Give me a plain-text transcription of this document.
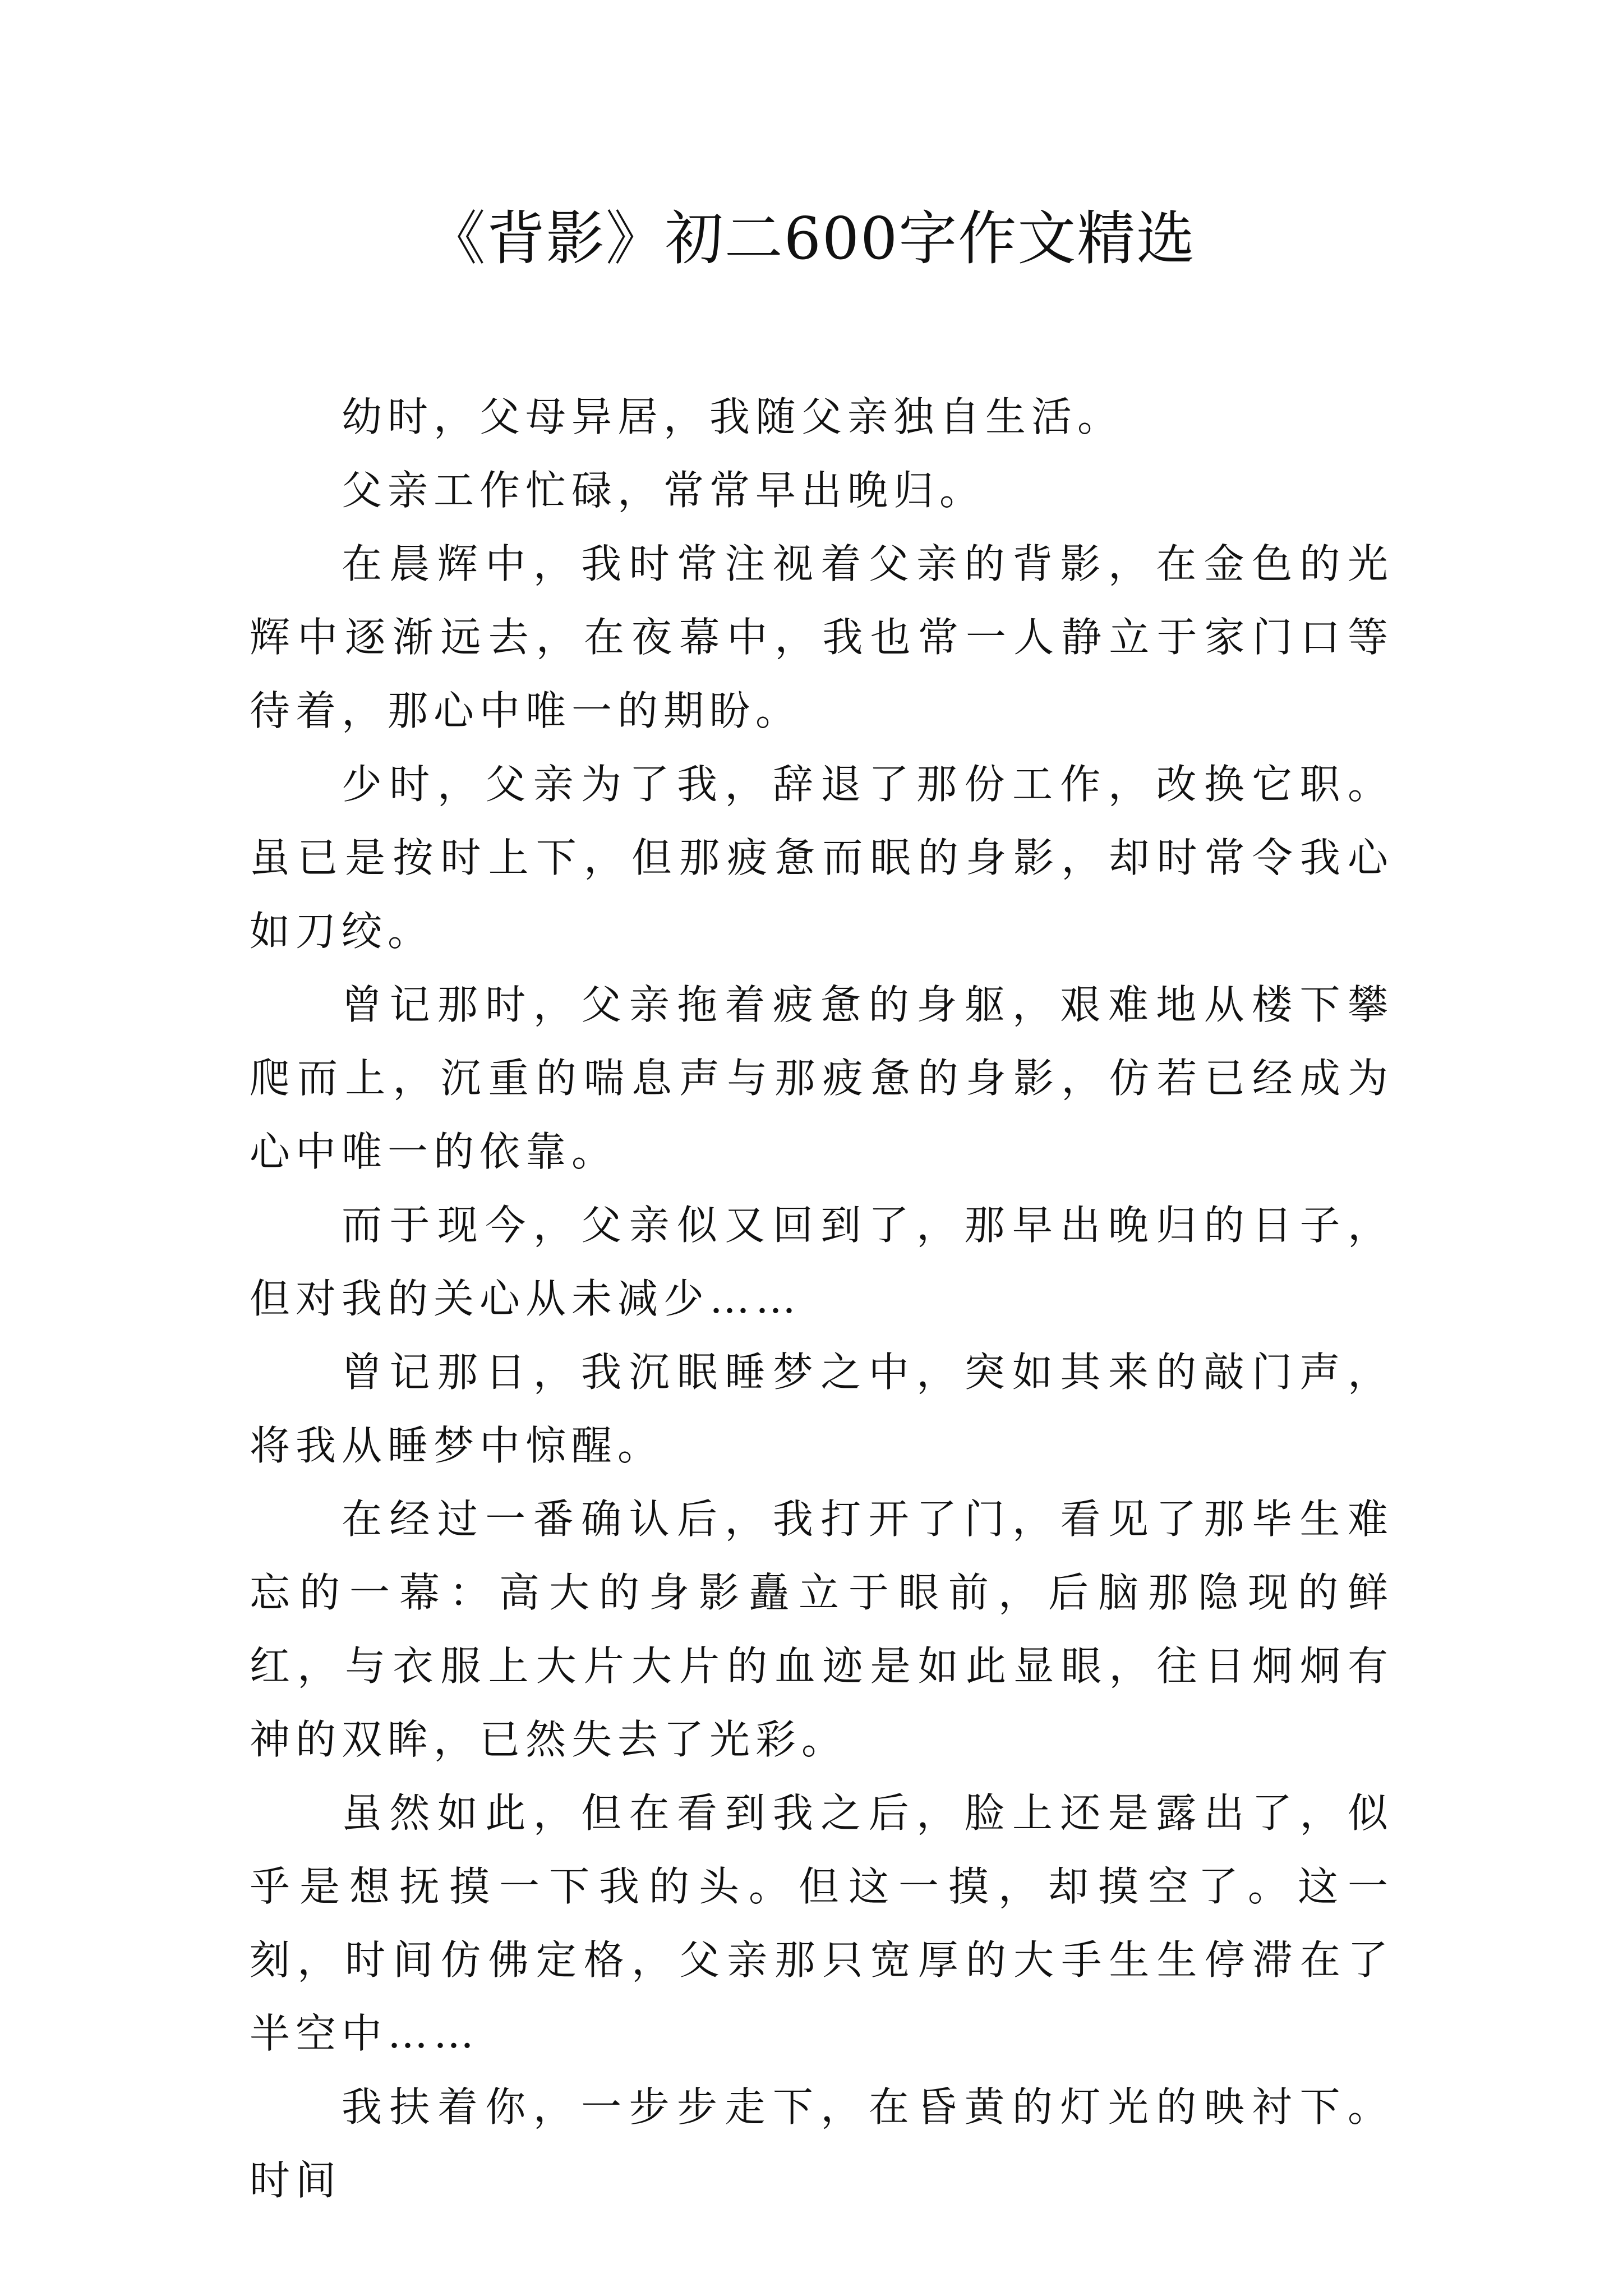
《背影》初二600字作文精选

幼时，父母异居，我随父亲独自生活。

父亲工作忙碌，常常早出晚归。

在晨辉中，我时常注视着父亲的背影，在金色的光辉中逐渐远去，在夜幕中，我也常一人静立于家门口等待着，那心中唯一的期盼。

少时，父亲为了我，辞退了那份工作，改换它职。虽已是按时上下，但那疲惫而眠的身影，却时常令我心如刀绞。

曾记那时，父亲拖着疲惫的身躯，艰难地从楼下攀爬而上，沉重的喘息声与那疲惫的身影，仿若已经成为心中唯一的依靠。

而于现今，父亲似又回到了，那早出晚归的日子，但对我的关心从未减少……

曾记那日，我沉眠睡梦之中，突如其来的敲门声，将我从睡梦中惊醒。

在经过一番确认后，我打开了门，看见了那毕生难忘的一幕：高大的身影矗立于眼前，后脑那隐现的鲜红，与衣服上大片大片的血迹是如此显眼，往日炯炯有神的双眸，已然失去了光彩。

虽然如此，但在看到我之后，脸上还是露出了，似乎是想抚摸一下我的头。但这一摸，却摸空了。这一刻，时间仿佛定格，父亲那只宽厚的大手生生停滞在了半空中……

我扶着你，一步步走下，在昏黄的灯光的映衬下。时间
